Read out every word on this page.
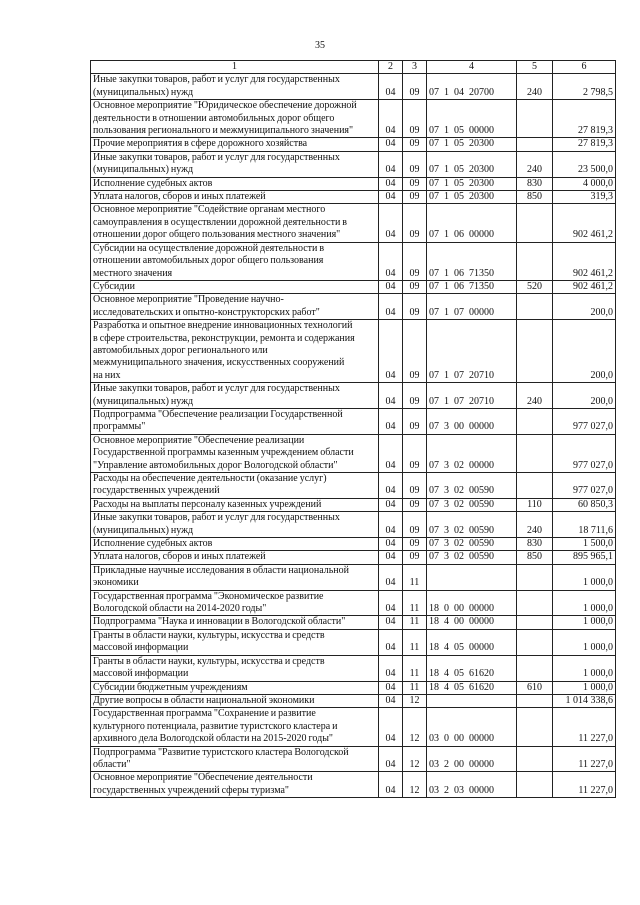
35
1	2	3	4	5	6

Иные закупки товаров, работ и услуг для государственных
(муниципальных) нужд	04	09	07  1  04  20700	240	2 798,5

Основное мероприятие "Юридическое обеспечение дорожной
деятельности в отношении автомобильных дорог общего
пользования регионального и межмуниципального значения"	04	09	07  1  05  00000		27 819,3

Прочие мероприятия в сфере дорожного хозяйства	04	09	07  1  05  20300		27 819,3

Иные закупки товаров, работ и услуг для государственных
(муниципальных) нужд	04	09	07  1  05  20300	240	23 500,0

Исполнение судебных актов	04	09	07  1  05  20300	830	4 000,0

Уплата налогов, сборов и иных платежей	04	09	07  1  05  20300	850	319,3

Основное мероприятие "Содействие органам местного
самоуправления в осуществлении дорожной деятельности в
отношении дорог общего пользования местного значения"	04	09	07  1  06  00000		902 461,2

Субсидии на осуществление дорожной деятельности в
отношении автомобильных дорог общего пользования
местного значения	04	09	07  1  06  71350		902 461,2

Субсидии	04	09	07  1  06  71350	520	902 461,2

Основное мероприятие "Проведение научно-
исследовательских и опытно-конструкторских работ"	04	09	07  1  07  00000		200,0

Разработка и опытное внедрение инновационных технологий
в сфере строительства, реконструкции, ремонта и содержания
автомобильных дорог регионального или
межмуниципального значения, искусственных сооружений
на них	04	09	07  1  07  20710		200,0

Иные закупки товаров, работ и услуг для государственных
(муниципальных) нужд	04	09	07  1  07  20710	240	200,0

Подпрограмма "Обеспечение реализации Государственной
программы"	04	09	07  3  00  00000		977 027,0

Основное мероприятие "Обеспечение реализации
Государственной программы казенным учреждением области
"Управление автомобильных дорог Вологодской области"	04	09	07  3  02  00000		977 027,0

Расходы на обеспечение деятельности (оказание услуг)
государственных учреждений	04	09	07  3  02  00590		977 027,0

Расходы на выплаты персоналу казенных учреждений	04	09	07  3  02  00590	110	60 850,3

Иные закупки товаров, работ и услуг для государственных
(муниципальных) нужд	04	09	07  3  02  00590	240	18 711,6

Исполнение судебных актов	04	09	07  3  02  00590	830	1 500,0

Уплата налогов, сборов и иных платежей	04	09	07  3  02  00590	850	895 965,1

Прикладные научные исследования в области национальной
экономики	04	11			1 000,0

Государственная программа "Экономическое развитие
Вологодской области на 2014-2020 годы"	04	11	18  0  00  00000		1 000,0

Подпрограмма "Наука и инновации в Вологодской области"	04	11	18  4  00  00000		1 000,0

Гранты в области науки, культуры, искусства и средств
массовой информации	04	11	18  4  05  00000		1 000,0

Гранты в области науки, культуры, искусства и средств
массовой информации	04	11	18  4  05  61620		1 000,0

Субсидии бюджетным учреждениям	04	11	18  4  05  61620	610	1 000,0

Другие вопросы в области национальной экономики	04	12			1 014 338,6

Государственная программа "Сохранение и развитие
культурного потенциала, развитие туристского кластера и
архивного дела Вологодской области на 2015-2020 годы"	04	12	03  0  00  00000		11 227,0

Подпрограмма "Развитие туристского кластера Вологодской
области"	04	12	03  2  00  00000		11 227,0

Основное мероприятие "Обеспечение деятельности
государственных учреждений сферы туризма"	04	12	03  2  03  00000		11 227,0
